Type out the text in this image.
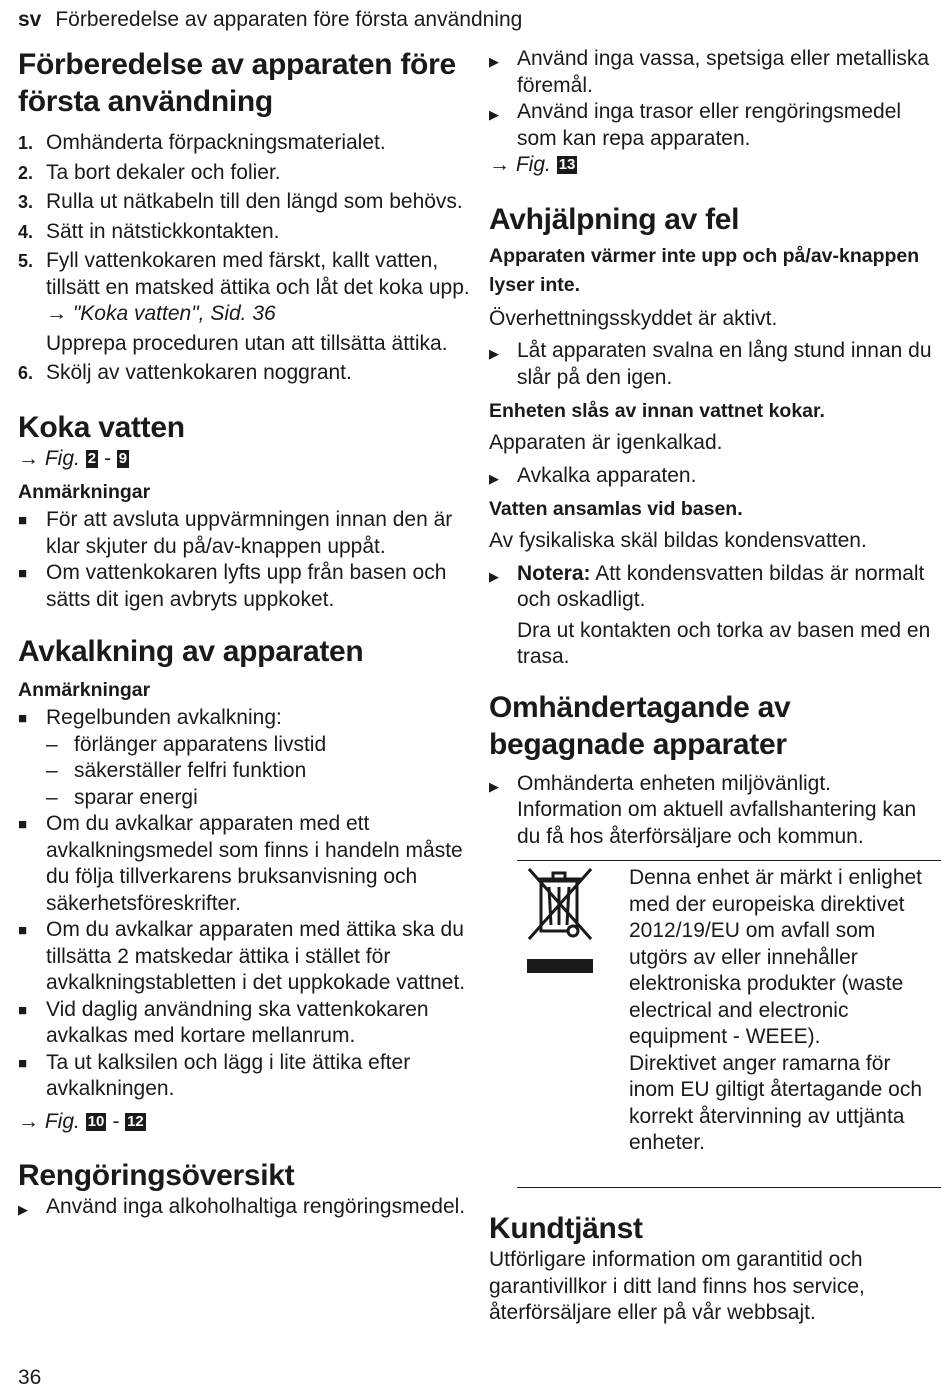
sv Förberedelse av apparaten före första användning
Förberedelse av apparaten före första användning
1. Omhänderta förpackningsmaterialet.
2. Ta bort dekaler och folier.
3. Rulla ut nätkabeln till den längd som behövs.
4. Sätt in nätstickkontakten.
5. Fyll vattenkokaren med färskt, kallt vatten, tillsätt en matsked ättika och låt det koka upp.
→ "Koka vatten", Sid. 36
Upprepa proceduren utan att tillsätta ättika.
6. Skölj av vattenkokaren noggrant.
Koka vatten
→ Fig. 2 - 9

Anmärkningar

■ För att avsluta uppvärmningen innan den är klar skjuter du på/av-knappen uppåt.
■ Om vattenkokaren lyfts upp från basen och sätts dit igen avbryts uppkoket.
Avkalkning av apparaten

Anmärkningar

■ Regelbunden avkalkning:
– förlänger apparatens livstid
– säkerställer felfri funktion
– sparar energi
■ Om du avkalkar apparaten med ett avkalkningsmedel som finns i handeln måste du följa tillverkarens bruksanvisning och säkerhetsföreskrifter.
■ Om du avkalkar apparaten med ättika ska du tillsätta 2 matskedar ättika i stället för avkalkningstabletten i det uppkokade vattnet.
■ Vid daglig användning ska vattenkokaren avkalkas med kortare mellanrum.
■ Ta ut kalksilen och lägg i lite ättika efter avkalkningen.
→ Fig. 10 - 12
Rengöringsöversikt
▶ Använd inga alkoholhaltiga rengöringsmedel.
▶ Använd inga vassa, spetsiga eller metalliska föremål.
▶ Använd inga trasor eller rengöringsmedel som kan repa apparaten.
→ Fig. 13
Avhjälpning av fel

Apparaten värmer inte upp och på/av-knappen lyser inte.

Överhettningsskyddet är aktivt.

▶ Låt apparaten svalna en lång stund innan du slår på den igen.

Enheten slås av innan vattnet kokar.

Apparaten är igenkalkad.

▶ Avkalka apparaten.

Vatten ansamlas vid basen.

Av fysikaliska skäl bildas kondensvatten.

▶ Notera: Att kondensvatten bildas är normalt och oskadligt.
Dra ut kontakten och torka av basen med en trasa.
Omhändertagande av begagnade apparater
▶ Omhänderta enheten miljövänligt.
Information om aktuell avfallshantering kan du få hos återförsäljare och kommun.
Denna enhet är märkt i enlighet med der europeiska direktivet 2012/19/EU om avfall som utgörs av eller innehåller elektroniska produkter (waste electrical and electronic equipment - WEEE).
Direktivet anger ramarna för inom EU giltigt återtagande och korrekt återvinning av uttjänta enheter.
Kundtjänst

Utförligare information om garantitid och garantivillkor i ditt land finns hos service, återförsäljare eller på vår webbsajt.

36
